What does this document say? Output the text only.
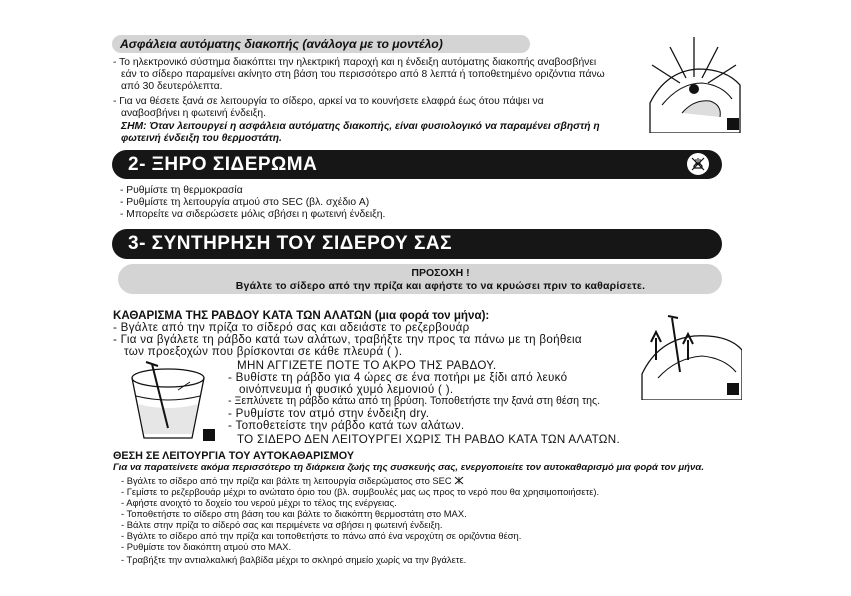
Ασφάλεια αυτόματης διακοπής (ανάλογα με το μοντέλο)
- Το ηλεκτρονικό σύστημα διακόπτει την ηλεκτρική παροχή και η ένδειξη αυτόματης διακοπής αναβοσβήνει
εάν το σίδερο παραμείνει ακίνητο στη βάση του περισσότερο από 8 λεπτά ή τοποθετημένο οριζόντια πάνω
από 30 δευτερόλεπτα.
- Για να θέσετε ξανά σε λειτουργία το σίδερο, αρκεί να το κουνήσετε ελαφρά έως ότου πάψει να
αναβοσβήνει η φωτεινή ένδειξη.
ΣΗΜ: Όταν λειτουργεί η ασφάλεια αυτόματης διακοπής, είναι φυσιολογικό να παραμένει σβηστή η
φωτεινή ένδειξη του θερμοστάτη.
2- ΞΗΡΟ ΣΙΔΕΡΩΜΑ
- Ρυθμίστε τη θερμοκρασία
- Ρυθμίστε τη λειτουργία ατμού στο SEC (βλ. σχέδιο A)
- Μπορείτε να σιδερώσετε μόλις σβήσει η φωτεινή ένδειξη.
3- ΣΥΝΤΗΡΗΣΗ ΤΟΥ ΣΙΔΕΡΟΥ ΣΑΣ
ΠΡΟΣΟΧΗ !
Βγάλτε το σίδερο από την πρίζα και αφήστε το να κρυώσει πριν το καθαρίσετε.
ΚΑΘΑΡΙΣΜΑ ΤΗΣ ΡΑΒΔΟΥ ΚΑΤΑ ΤΩΝ ΑΛΑΤΩΝ (μια φορά τον μήνα):
- Βγάλτε από την πρίζα το σίδερό σας και αδειάστε το ρεζερβουάρ
- Για να βγάλετε τη ράβδο κατά των αλάτων, τραβήξτε την προς τα πάνω με τη βοήθεια
των προεξοχών που βρίσκονται σε κάθε πλευρά ( ).
ΜΗΝ ΑΓΓΙΖΕΤΕ ΠΟΤΕ ΤΟ ΑΚΡΟ ΤΗΣ ΡΑΒΔΟΥ.
- Βυθίστε τη ράβδο για 4 ώρες σε ένα ποτήρι με ξίδι από λευκό
οινόπνευμα ή φυσικό χυμό λεμονιού ( ).
- Ξεπλύνετε τη ράβδο κάτω από τη βρύση. Τοποθετήστε την ξανά στη θέση της.
- Ρυθμίστε τον ατμό στην ένδειξη dry.
- Τοποθετείστε την ράβδο κατά των αλάτων.
ΤΟ ΣΙΔΕΡΟ ΔΕΝ ΛΕΙΤΟΥΡΓΕΙ ΧΩΡΙΣ ΤΗ ΡΑΒΔΟ ΚΑΤΑ ΤΩΝ ΑΛΑΤΩΝ.
ΘΕΣΗ ΣΕ ΛΕΙΤΟΥΡΓΙΑ ΤΟΥ ΑΥΤΟΚΑΘΑΡΙΣΜΟΥ
Για να παρατείνετε ακόμα περισσότερο τη διάρκεια ζωής της συσκευής σας, ενεργοποιείτε τον αυτοκαθαρισμό μια φορά τον μήνα.
- Βγάλτε το σίδερο από την πρίζα και βάλτε τη λειτουργία σιδερώματος στο SEC
- Γεμίστε το ρεζερβουάρ μέχρι το ανώτατο όριο του (βλ. συμβουλές μας ως προς το νερό που θα χρησιμοποιήσετε).
- Αφήστε ανοιχτό το δοχείο του νερού μέχρι το τέλος της ενέργειας.
- Τοποθετήστε το σίδερο στη βάση του και βάλτε το διακόπτη θερμοστάτη στο MAX.
- Βάλτε στην πρίζα το σίδερό σας και περιμένετε να σβήσει η φωτεινή ένδειξη.
- Βγάλτε το σίδερο από την πρίζα και τοποθετήστε το πάνω από ένα νεροχύτη σε οριζόντια θέση.
- Ρυθμίστε τον διακόπτη ατμού στο MAX.
- Τραβήξτε την αντιαλκαλική βαλβίδα μέχρι το σκληρό σημείο χωρίς να την βγάλετε.
